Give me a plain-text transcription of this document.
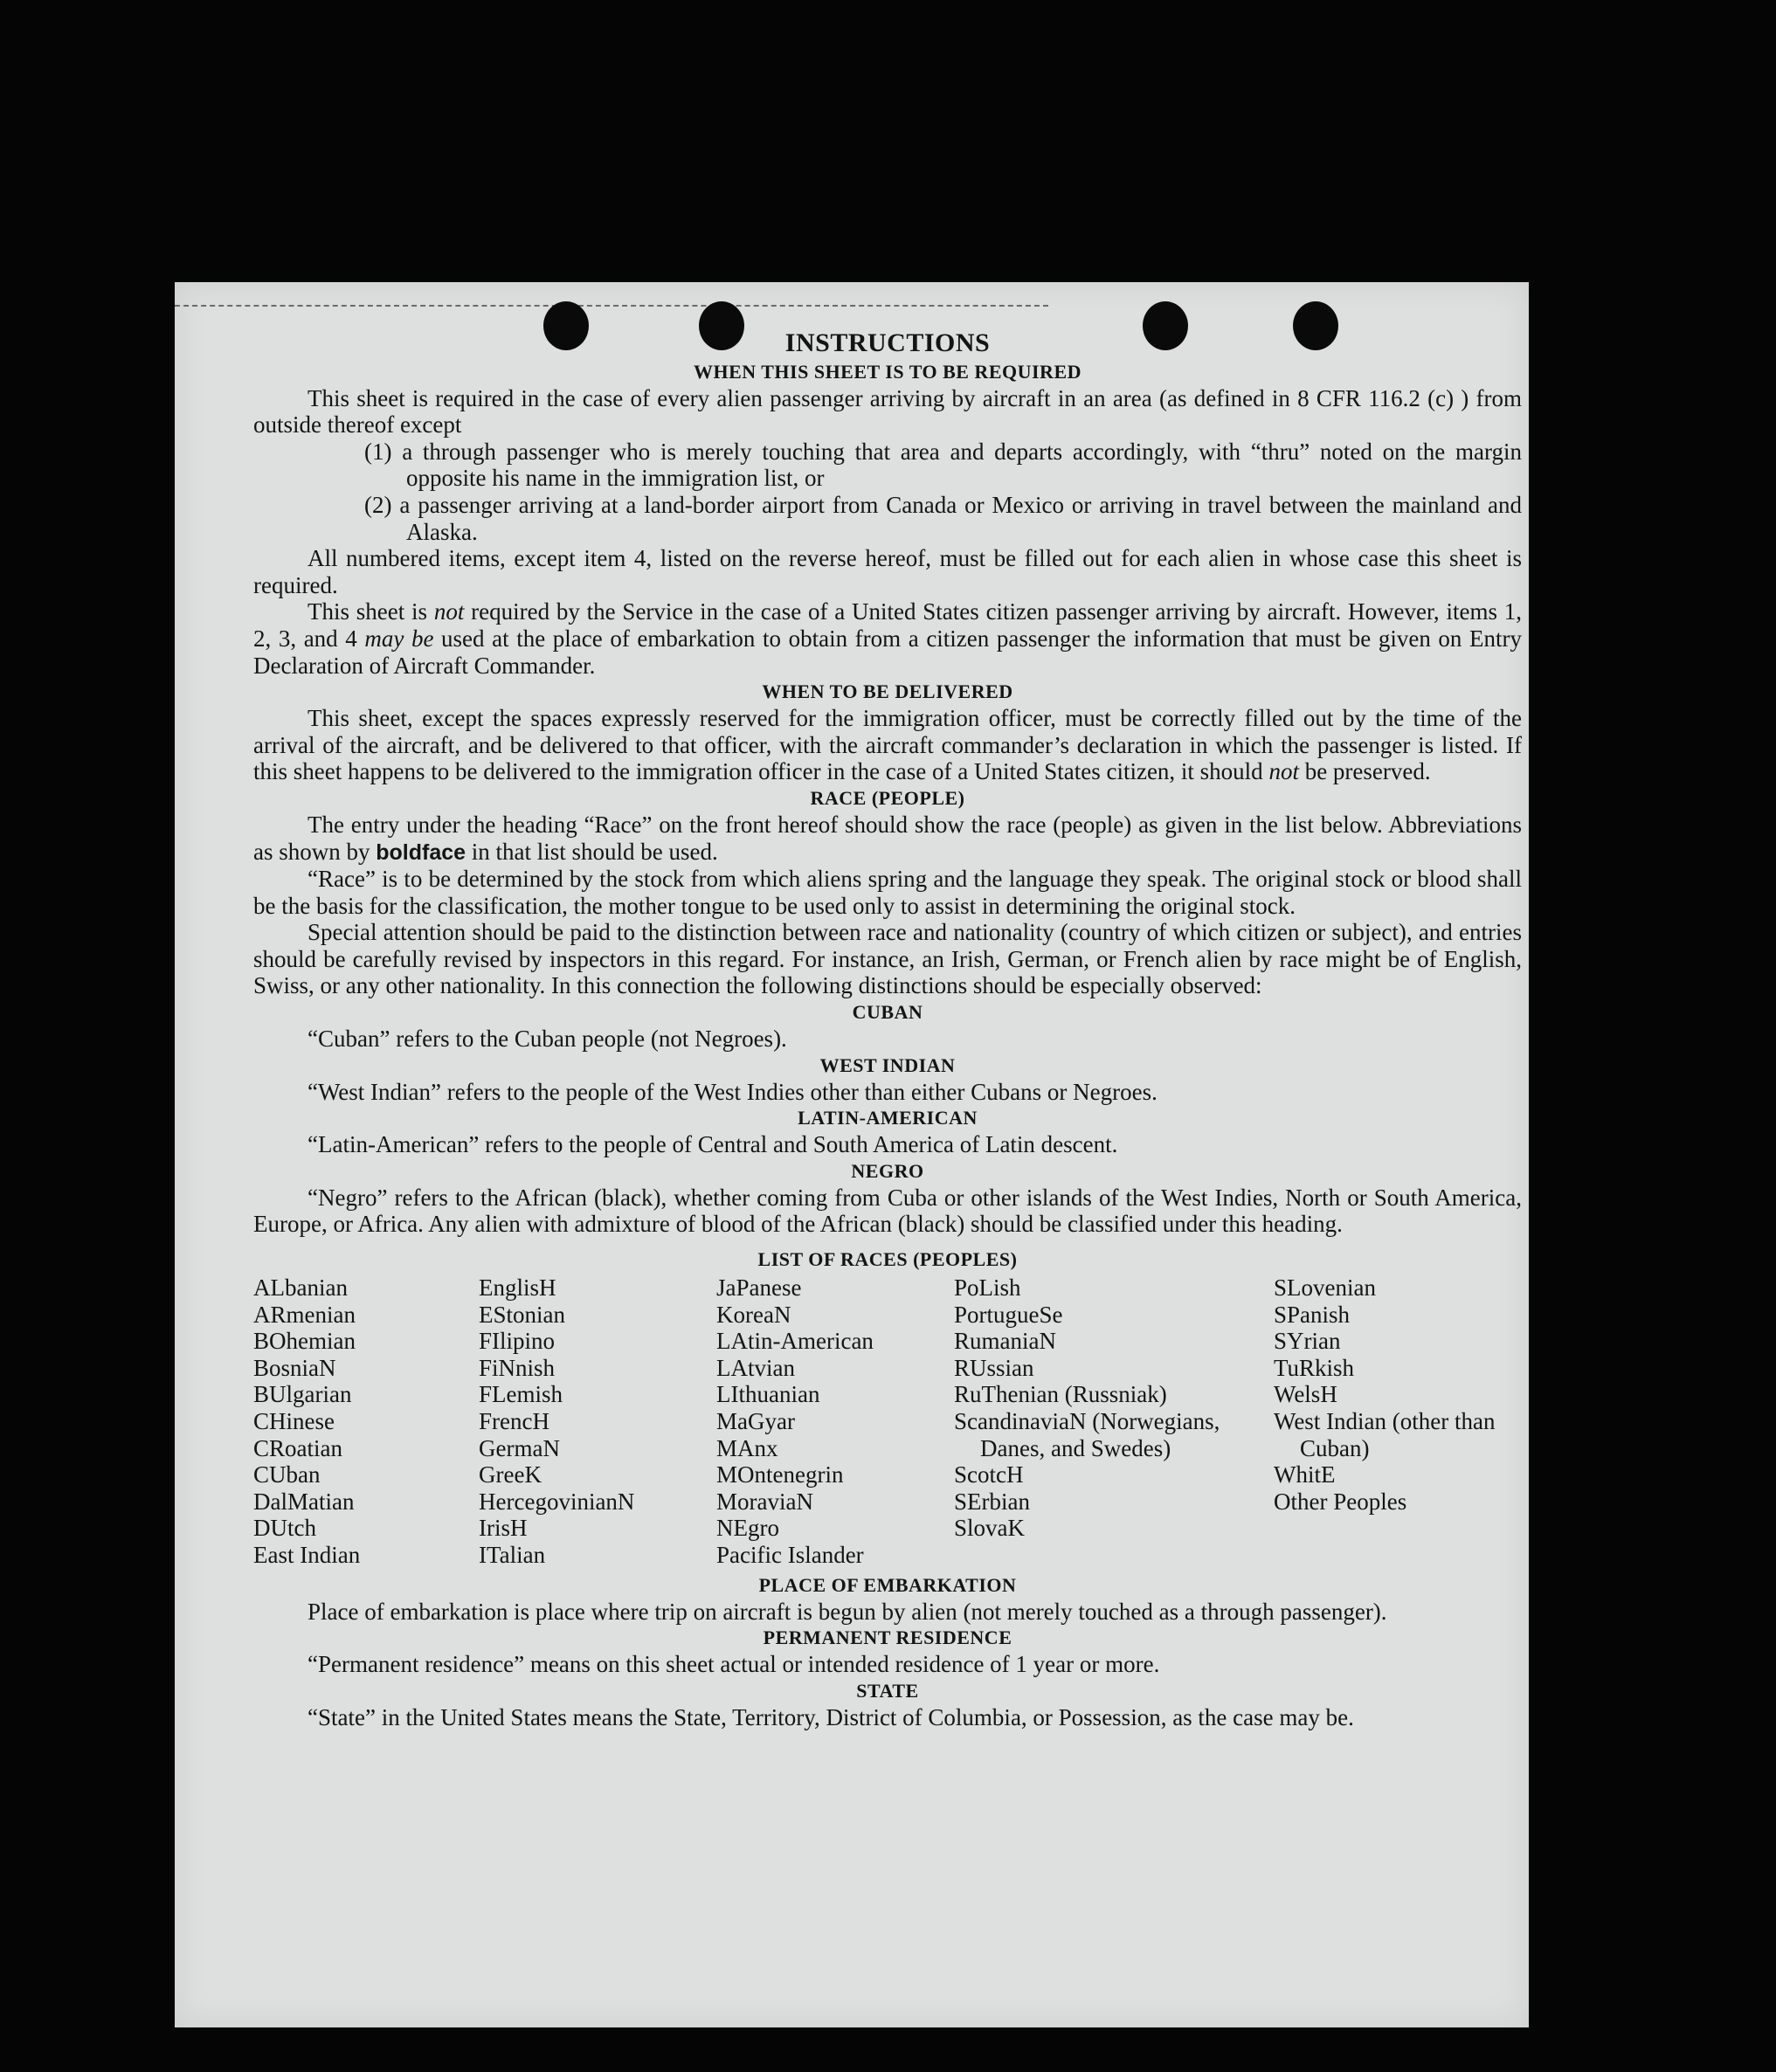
INSTRUCTIONS
WHEN THIS SHEET IS TO BE REQUIRED

This sheet is required in the case of every alien passenger arriving by aircraft in an area (as defined in 8 CFR 116.2 (c) ) from outside thereof except

(1) a through passenger who is merely touching that area and departs accordingly, with “thru” noted on the margin opposite his name in the immigration list, or

(2) a passenger arriving at a land-border airport from Canada or Mexico or arriving in travel between the mainland and Alaska.

All numbered items, except item 4, listed on the reverse hereof, must be filled out for each alien in whose case this sheet is required.

This sheet is not required by the Service in the case of a United States citizen passenger arriving by aircraft. However, items 1, 2, 3, and 4 may be used at the place of embarkation to obtain from a citizen passenger the information that must be given on Entry Declaration of Aircraft Commander.

WHEN TO BE DELIVERED

This sheet, except the spaces expressly reserved for the immigration officer, must be correctly filled out by the time of the arrival of the aircraft, and be delivered to that officer, with the aircraft commander’s declaration in which the passenger is listed. If this sheet happens to be delivered to the immigration officer in the case of a United States citizen, it should not be preserved.

RACE (PEOPLE)

The entry under the heading “Race” on the front hereof should show the race (people) as given in the list below. Abbreviations as shown by boldface in that list should be used.

“Race” is to be determined by the stock from which aliens spring and the language they speak. The original stock or blood shall be the basis for the classification, the mother tongue to be used only to assist in determining the original stock.

Special attention should be paid to the distinction between race and nationality (country of which citizen or subject), and entries should be carefully revised by inspectors in this regard. For instance, an Irish, German, or French alien by race might be of English, Swiss, or any other nationality. In this connection the following distinctions should be especially observed:

CUBAN

“Cuban” refers to the Cuban people (not Negroes).

WEST INDIAN

“West Indian” refers to the people of the West Indies other than either Cubans or Negroes.

LATIN-AMERICAN

“Latin-American” refers to the people of Central and South America of Latin descent.

NEGRO

“Negro” refers to the African (black), whether coming from Cuba or other islands of the West Indies, North or South America, Europe, or Africa. Any alien with admixture of blood of the African (black) should be classified under this heading.

LIST OF RACES (PEOPLES)
ALbanian
ARmenian
BOhemian
BosniaN
BUlgarian
CHinese
CRoatian
CUban
DalMatian
DUtch
East Indian
EnglisH
EStonian
FIlipino
FiNnish
FLemish
FrencH
GermaN
GreeK
HercegovinianN
IrisH
ITalian
JaPanese
KoreaN
LAtin-American
LAtvian
LIthuanian
MaGyar
MAnx
MOntenegrin
MoraviaN
NEgro
Pacific Islander
PoLish
PortugueSe
RumaniaN
RUssian
RuThenian (Russniak)
ScandinaviaN (Norwegians, Danes, and Swedes)
ScotcH
SErbian
SlovaK
SLovenian
SPanish
SYrian
TuRkish
WelsH
West Indian (other than Cuban)
WhitE
Other Peoples
PLACE OF EMBARKATION

Place of embarkation is place where trip on aircraft is begun by alien (not merely touched as a through passenger).

PERMANENT RESIDENCE

“Permanent residence” means on this sheet actual or intended residence of 1 year or more.

STATE

“State” in the United States means the State, Territory, District of Columbia, or Possession, as the case may be.
